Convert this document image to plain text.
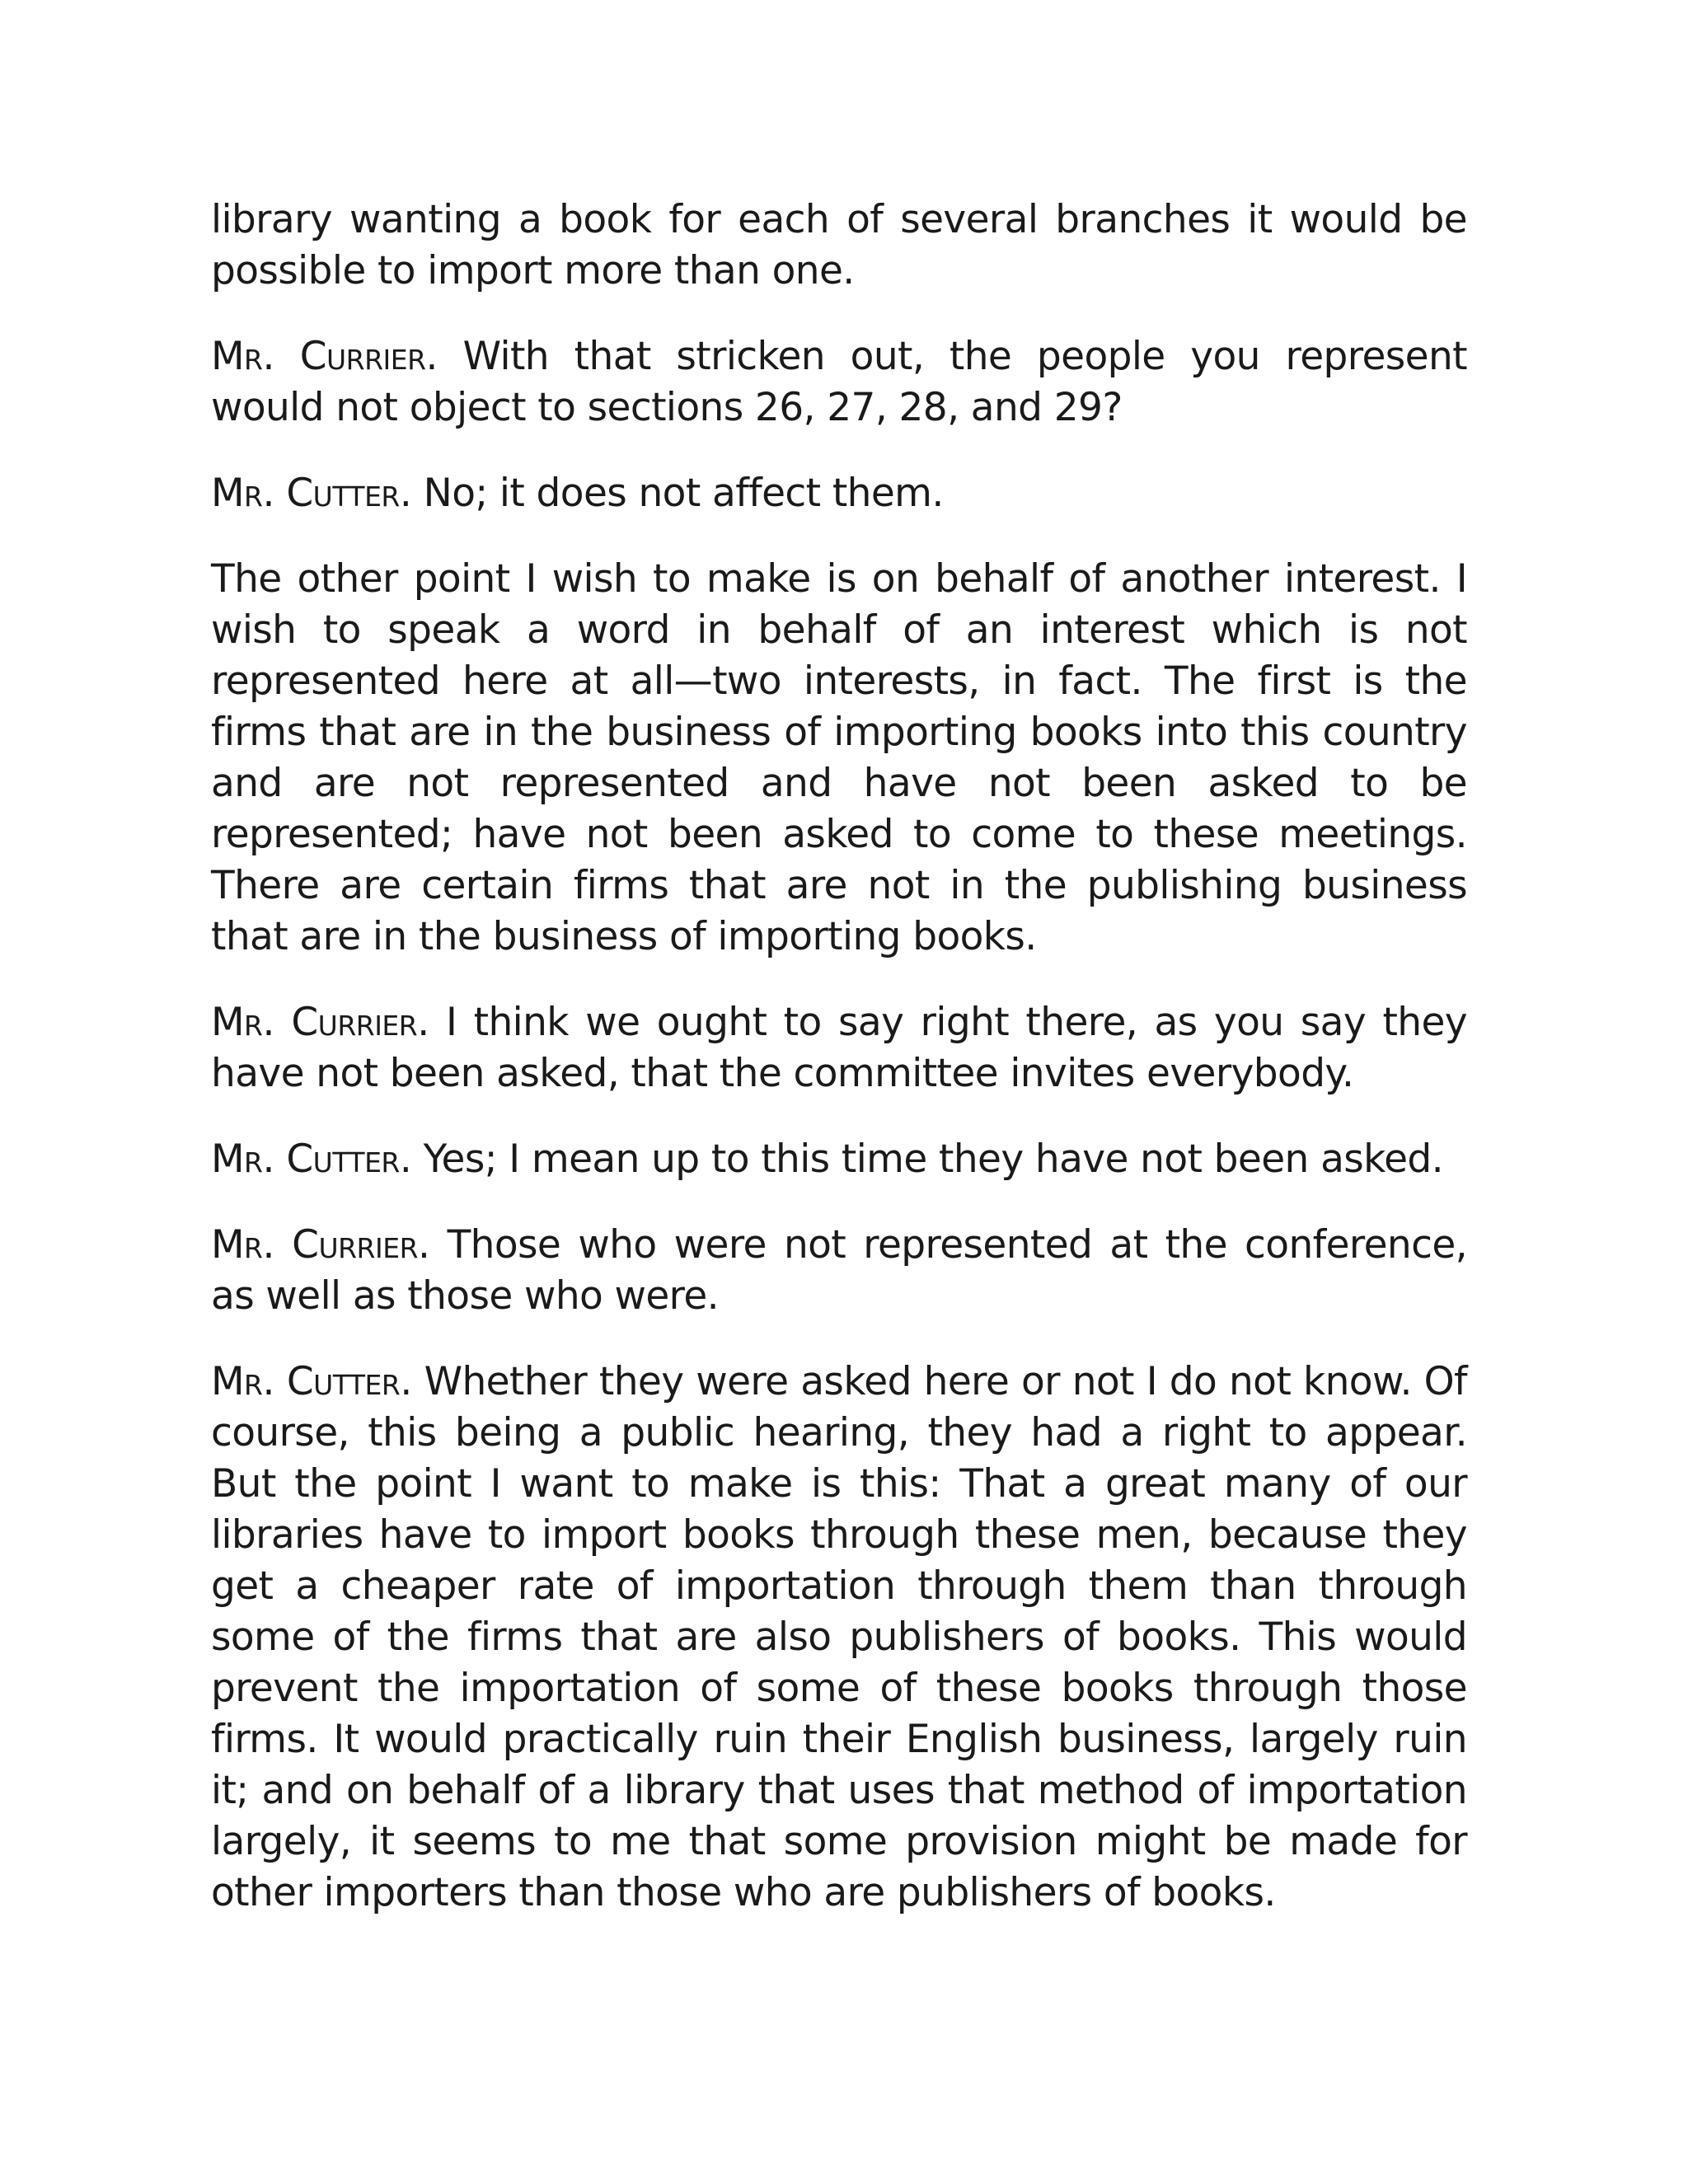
library wanting a book for each of several branches it would be possible to import more than one.

Mr. Currier. With that stricken out, the people you represent would not object to sections 26, 27, 28, and 29?

Mr. Cutter. No; it does not affect them.

The other point I wish to make is on behalf of another interest. I wish to speak a word in behalf of an interest which is not represented here at all—two interests, in fact. The first is the firms that are in the business of importing books into this country and are not represented and have not been asked to be represented; have not been asked to come to these meetings. There are certain firms that are not in the publishing business that are in the business of importing books.

Mr. Currier. I think we ought to say right there, as you say they have not been asked, that the committee invites everybody.

Mr. Cutter. Yes; I mean up to this time they have not been asked.

Mr. Currier. Those who were not represented at the conference, as well as those who were.

Mr. Cutter. Whether they were asked here or not I do not know. Of course, this being a public hearing, they had a right to appear. But the point I want to make is this: That a great many of our libraries have to import books through these men, because they get a cheaper rate of importation through them than through some of the firms that are also publishers of books. This would prevent the importation of some of these books through those firms. It would practically ruin their English business, largely ruin it; and on behalf of a library that uses that method of importation largely, it seems to me that some provision might be made for other importers than those who are publishers of books.
